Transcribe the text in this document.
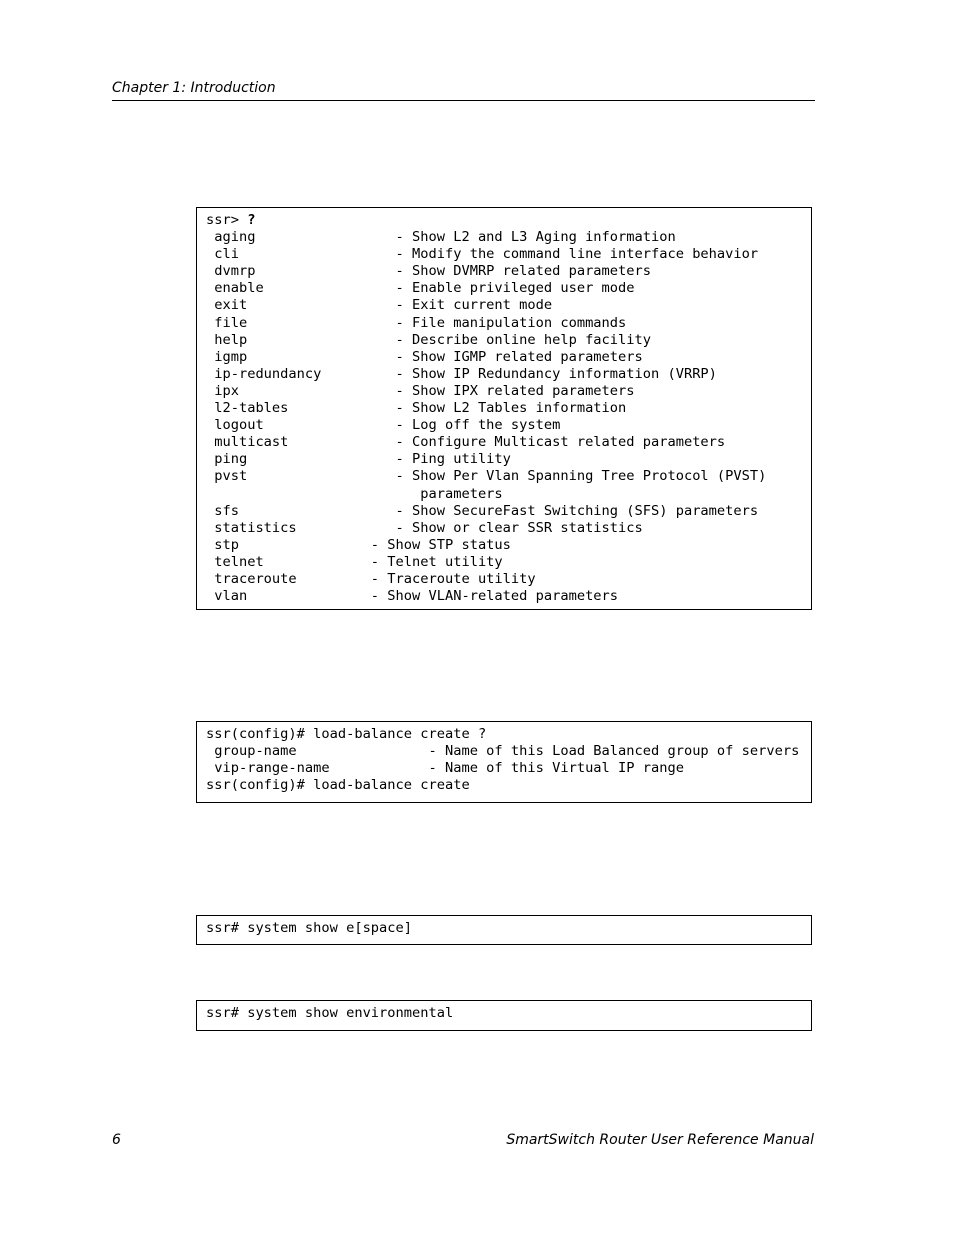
Chapter 1: Introduction
ssr> ?
aging                 - Show L2 and L3 Aging information
cli                   - Modify the command line interface behavior
dvmrp                 - Show DVMRP related parameters
enable                - Enable privileged user mode
exit                  - Exit current mode
file                  - File manipulation commands
help                  - Describe online help facility
igmp                  - Show IGMP related parameters
ip-redundancy         - Show IP Redundancy information (VRRP)
ipx                   - Show IPX related parameters
l2-tables             - Show L2 Tables information
logout                - Log off the system
multicast             - Configure Multicast related parameters
ping                  - Ping utility
pvst                  - Show Per Vlan Spanning Tree Protocol (PVST)
parameters
sfs                   - Show SecureFast Switching (SFS) parameters
statistics            - Show or clear SSR statistics
stp                - Show STP status
telnet             - Telnet utility
traceroute         - Traceroute utility
vlan               - Show VLAN-related parameters
ssr(config)# load-balance create ?
group-name                - Name of this Load Balanced group of servers
vip-range-name            - Name of this Virtual IP range
ssr(config)# load-balance create
ssr# system show e[space]
ssr# system show environmental
6	SmartSwitch Router User Reference Manual
